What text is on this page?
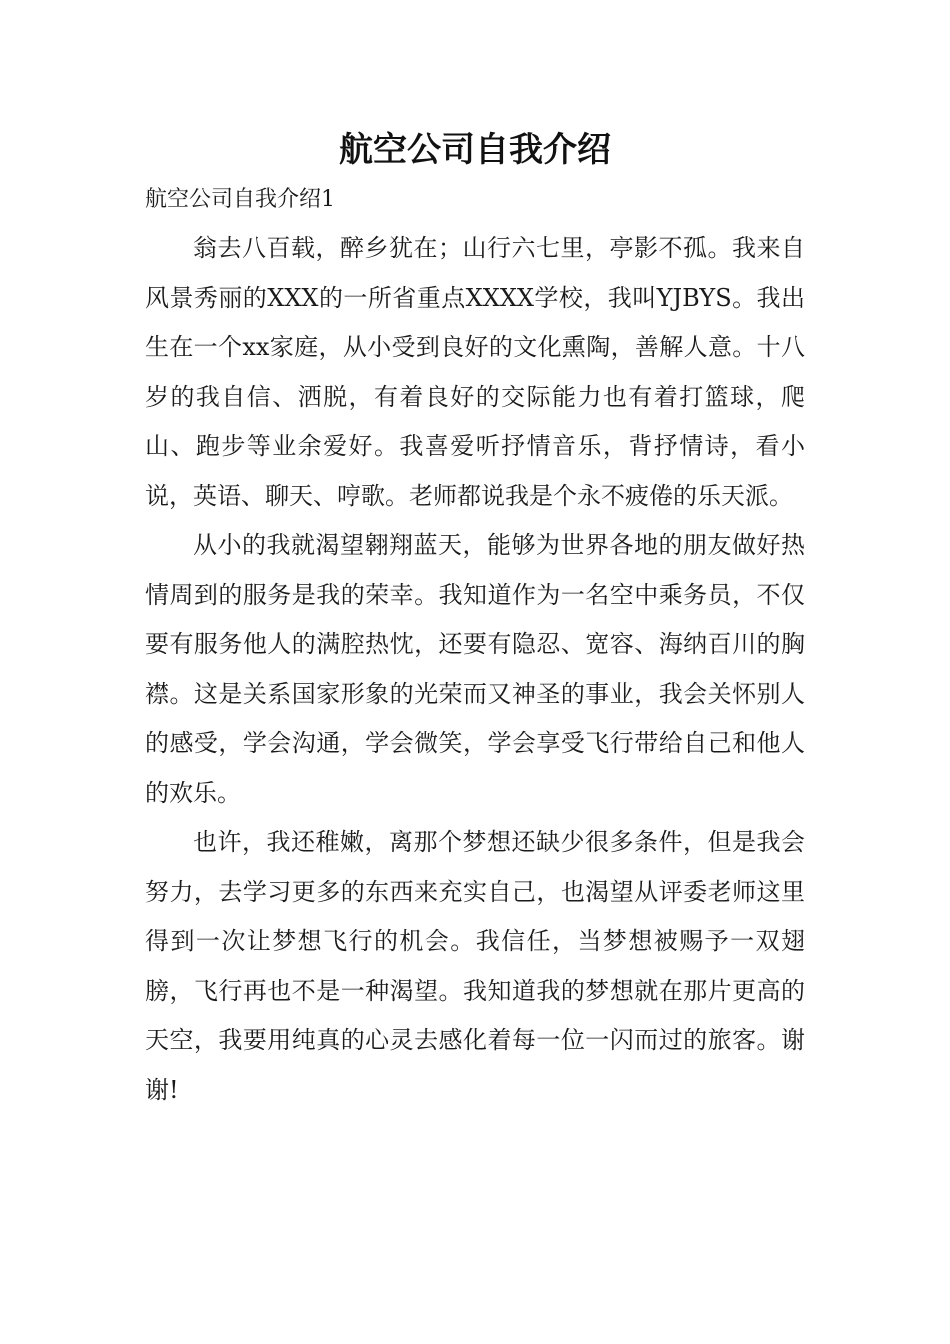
航空公司自我介绍

航空公司自我介绍1

翁去八百载，醉乡犹在；山行六七里，亭影不孤。我来自风景秀丽的XXX的一所省重点XXXX学校，我叫YJBYS。我出生在一个xx家庭，从小受到良好的文化熏陶，善解人意。十八岁的我自信、洒脱，有着良好的交际能力也有着打篮球，爬山、跑步等业余爱好。我喜爱听抒情音乐，背抒情诗，看小说，英语、聊天、哼歌。老师都说我是个永不疲倦的乐天派。

从小的我就渴望翱翔蓝天，能够为世界各地的朋友做好热情周到的服务是我的荣幸。我知道作为一名空中乘务员，不仅要有服务他人的满腔热忱，还要有隐忍、宽容、海纳百川的胸襟。这是关系国家形象的光荣而又神圣的事业，我会关怀别人的感受，学会沟通，学会微笑，学会享受飞行带给自己和他人的欢乐。

也许，我还稚嫩，离那个梦想还缺少很多条件，但是我会努力，去学习更多的东西来充实自己，也渴望从评委老师这里得到一次让梦想飞行的机会。我信任，当梦想被赐予一双翅膀，飞行再也不是一种渴望。我知道我的梦想就在那片更高的天空，我要用纯真的心灵去感化着每一位一闪而过的旅客。谢谢!
